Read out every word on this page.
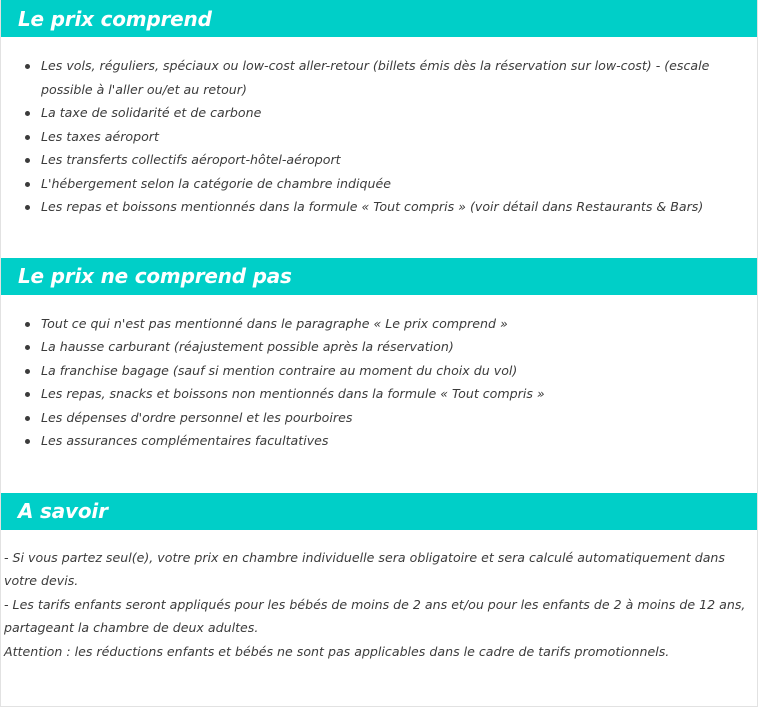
Le prix comprend
Les vols, réguliers, spéciaux ou low-cost aller-retour (billets émis dès la réservation sur low-cost) - (escale possible à l'aller ou/et au retour)
La taxe de solidarité et de carbone
Les taxes aéroport
Les transferts collectifs aéroport-hôtel-aéroport
L'hébergement selon la catégorie de chambre indiquée
Les repas et boissons mentionnés dans la formule « Tout compris » (voir détail dans Restaurants & Bars)
Le prix ne comprend pas
Tout ce qui n'est pas mentionné dans le paragraphe « Le prix comprend »
La hausse carburant (réajustement possible après la réservation)
La franchise bagage (sauf si mention contraire au moment du choix du vol)
Les repas, snacks et boissons non mentionnés dans la formule « Tout compris »
Les dépenses d'ordre personnel et les pourboires
Les assurances complémentaires facultatives
A savoir

- Si vous partez seul(e), votre prix en chambre individuelle sera obligatoire et sera calculé automatiquement dans votre devis.

- Les tarifs enfants seront appliqués pour les bébés de moins de 2 ans et/ou pour les enfants de 2 à moins de 12 ans, partageant la chambre de deux adultes.

Attention : les réductions enfants et bébés ne sont pas applicables dans le cadre de tarifs promotionnels.
